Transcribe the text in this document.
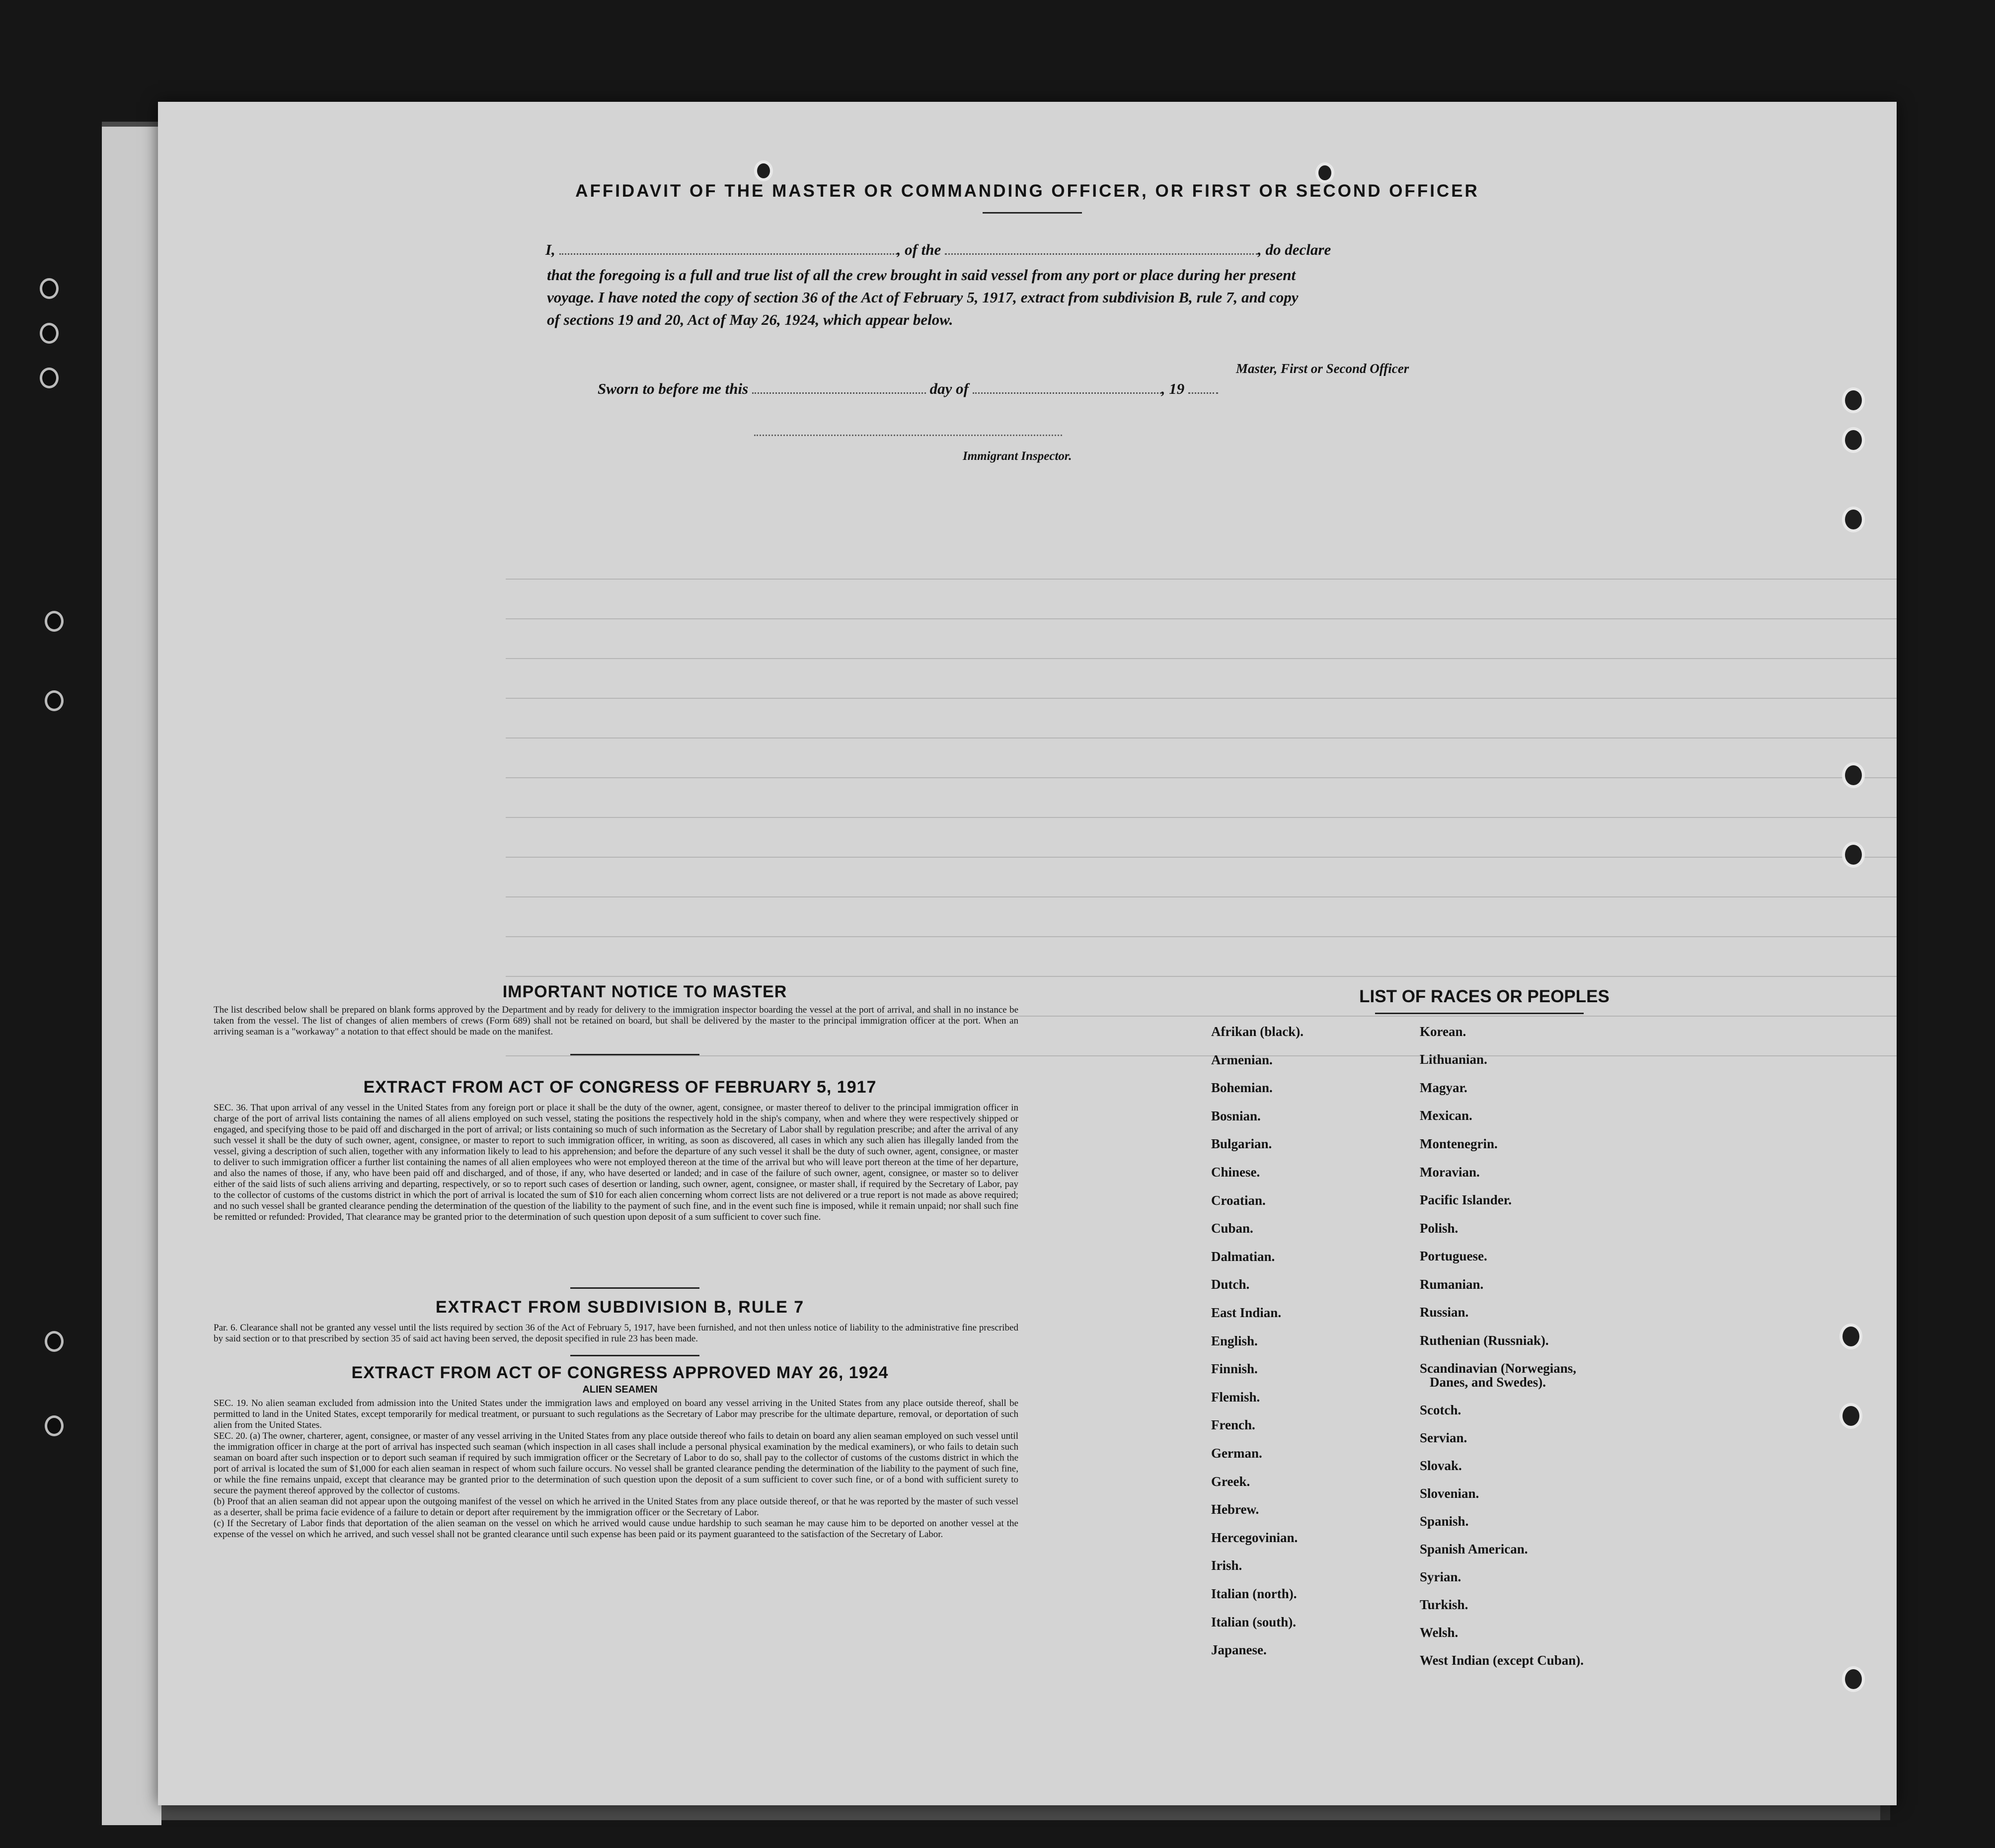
AFFIDAVIT OF THE MASTER OR COMMANDING OFFICER, OR FIRST OR SECOND OFFICER
I,	, of the	, do declare
that the foregoing is a full and true list of all the crew brought in said vessel from any port or place during her present
voyage. I have noted the copy of section 36 of the Act of February 5, 1917, extract from subdivision B, rule 7, and copy
of sections 19 and 20, Act of May 26, 1924, which appear below.
Master, First or Second Officer
Sworn to before me this	day of	, 19
Immigrant Inspector.
IMPORTANT NOTICE TO MASTER
The list described below shall be prepared on blank forms approved by the Department and by ready for delivery to the immigration inspector boarding the vessel at the port of arrival, and shall in no instance be taken from the vessel. The list of changes of alien members of crews (Form 689) shall not be retained on board, but shall be delivered by the master to the principal immigration officer at the port. When an arriving seaman is a "workaway" a notation to that effect should be made on the manifest.
EXTRACT FROM ACT OF CONGRESS OF FEBRUARY 5, 1917
SEC. 36. That upon arrival of any vessel in the United States from any foreign port or place it shall be the duty of the owner, agent, consignee, or master thereof to deliver to the principal immigration officer in charge of the port of arrival lists containing the names of all aliens employed on such vessel, stating the positions the respectively hold in the ship's company, when and where they were respectively shipped or engaged, and specifying those to be paid off and discharged in the port of arrival; or lists containing so much of such information as the Secretary of Labor shall by regulation prescribe; and after the arrival of any such vessel it shall be the duty of such owner, agent, consignee, or master to report to such immigration officer, in writing, as soon as discovered, all cases in which any such alien has illegally landed from the vessel, giving a description of such alien, together with any information likely to lead to his apprehension; and before the departure of any such vessel it shall be the duty of such owner, agent, consignee, or master to deliver to such immigration officer a further list containing the names of all alien employees who were not employed thereon at the time of the arrival but who will leave port thereon at the time of her departure, and also the names of those, if any, who have been paid off and discharged, and of those, if any, who have deserted or landed; and in case of the failure of such owner, agent, consignee, or master so to deliver either of the said lists of such aliens arriving and departing, respectively, or so to report such cases of desertion or landing, such owner, agent, consignee, or master shall, if required by the Secretary of Labor, pay to the collector of customs of the customs district in which the port of arrival is located the sum of $10 for each alien concerning whom correct lists are not delivered or a true report is not made as above required; and no such vessel shall be granted clearance pending the determination of the question of the liability to the payment of such fine, and in the event such fine is imposed, while it remain unpaid; nor shall such fine be remitted or refunded: Provided, That clearance may be granted prior to the determination of such question upon deposit of a sum sufficient to cover such fine.
EXTRACT FROM SUBDIVISION B, RULE 7
Par. 6. Clearance shall not be granted any vessel until the lists required by section 36 of the Act of February 5, 1917, have been furnished, and not then unless notice of liability to the administrative fine prescribed by said section or to that prescribed by section 35 of said act having been served, the deposit specified in rule 23 has been made.
EXTRACT FROM ACT OF CONGRESS APPROVED MAY 26, 1924
ALIEN SEAMEN
SEC. 19. No alien seaman excluded from admission into the United States under the immigration laws and employed on board any vessel arriving in the United States from any place outside thereof, shall be permitted to land in the United States, except temporarily for medical treatment, or pursuant to such regulations as the Secretary of Labor may prescribe for the ultimate departure, removal, or deportation of such alien from the United States.
SEC. 20. (a) The owner, charterer, agent, consignee, or master of any vessel arriving in the United States from any place outside thereof who fails to detain on board any alien seaman employed on such vessel until the immigration officer in charge at the port of arrival has inspected such seaman (which inspection in all cases shall include a personal physical examination by the medical examiners), or who fails to detain such seaman on board after such inspection or to deport such seaman if required by such immigration officer or the Secretary of Labor to do so, shall pay to the collector of customs of the customs district in which the port of arrival is located the sum of $1,000 for each alien seaman in respect of whom such failure occurs. No vessel shall be granted clearance pending the determination of the liability to the payment of such fine, or while the fine remains unpaid, except that clearance may be granted prior to the determination of such question upon the deposit of a sum sufficient to cover such fine, or of a bond with sufficient surety to secure the payment thereof approved by the collector of customs.
(b) Proof that an alien seaman did not appear upon the outgoing manifest of the vessel on which he arrived in the United States from any place outside thereof, or that he was reported by the master of such vessel as a deserter, shall be prima facie evidence of a failure to detain or deport after requirement by the immigration officer or the Secretary of Labor.
(c) If the Secretary of Labor finds that deportation of the alien seaman on the vessel on which he arrived would cause undue hardship to such seaman he may cause him to be deported on another vessel at the expense of the vessel on which he arrived, and such vessel shall not be granted clearance until such expense has been paid or its payment guaranteed to the satisfaction of the Secretary of Labor.
LIST OF RACES OR PEOPLES
Afrikan (black).
Armenian.
Bohemian.
Bosnian.
Bulgarian.
Chinese.
Croatian.
Cuban.
Dalmatian.
Dutch.
East Indian.
English.
Finnish.
Flemish.
French.
German.
Greek.
Hebrew.
Hercegovinian.
Irish.
Italian (north).
Italian (south).
Japanese.
Korean.
Lithuanian.
Magyar.
Mexican.
Montenegrin.
Moravian.
Pacific Islander.
Polish.
Portuguese.
Rumanian.
Russian.
Ruthenian (Russniak).
Scandinavian (Norwegians,
Danes, and Swedes).
Scotch.
Servian.
Slovak.
Slovenian.
Spanish.
Spanish American.
Syrian.
Turkish.
Welsh.
West Indian (except Cuban).
